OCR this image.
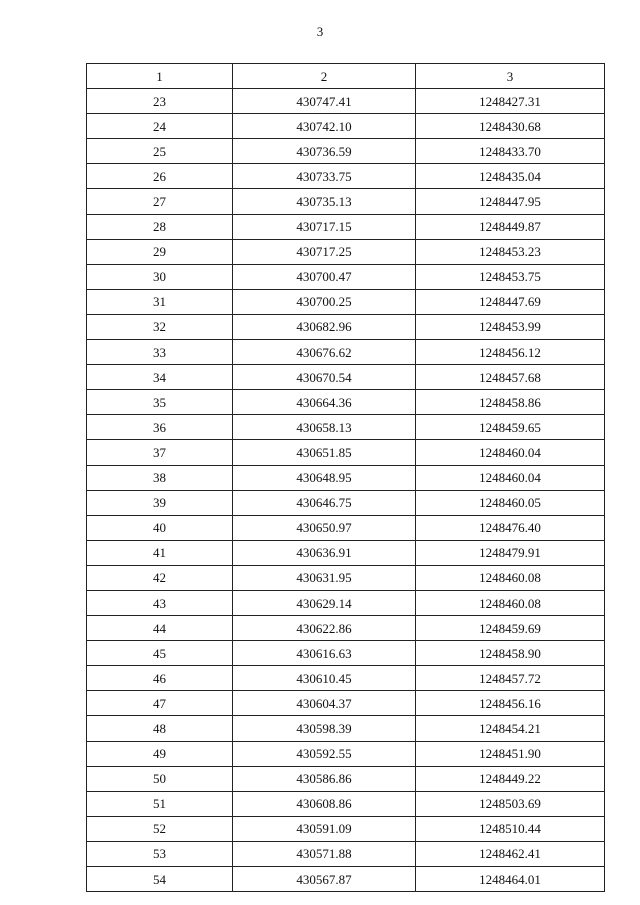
3
1	2	3
23	430747.41	1248427.31
24	430742.10	1248430.68
25	430736.59	1248433.70
26	430733.75	1248435.04
27	430735.13	1248447.95
28	430717.15	1248449.87
29	430717.25	1248453.23
30	430700.47	1248453.75
31	430700.25	1248447.69
32	430682.96	1248453.99
33	430676.62	1248456.12
34	430670.54	1248457.68
35	430664.36	1248458.86
36	430658.13	1248459.65
37	430651.85	1248460.04
38	430648.95	1248460.04
39	430646.75	1248460.05
40	430650.97	1248476.40
41	430636.91	1248479.91
42	430631.95	1248460.08
43	430629.14	1248460.08
44	430622.86	1248459.69
45	430616.63	1248458.90
46	430610.45	1248457.72
47	430604.37	1248456.16
48	430598.39	1248454.21
49	430592.55	1248451.90
50	430586.86	1248449.22
51	430608.86	1248503.69
52	430591.09	1248510.44
53	430571.88	1248462.41
54	430567.87	1248464.01
